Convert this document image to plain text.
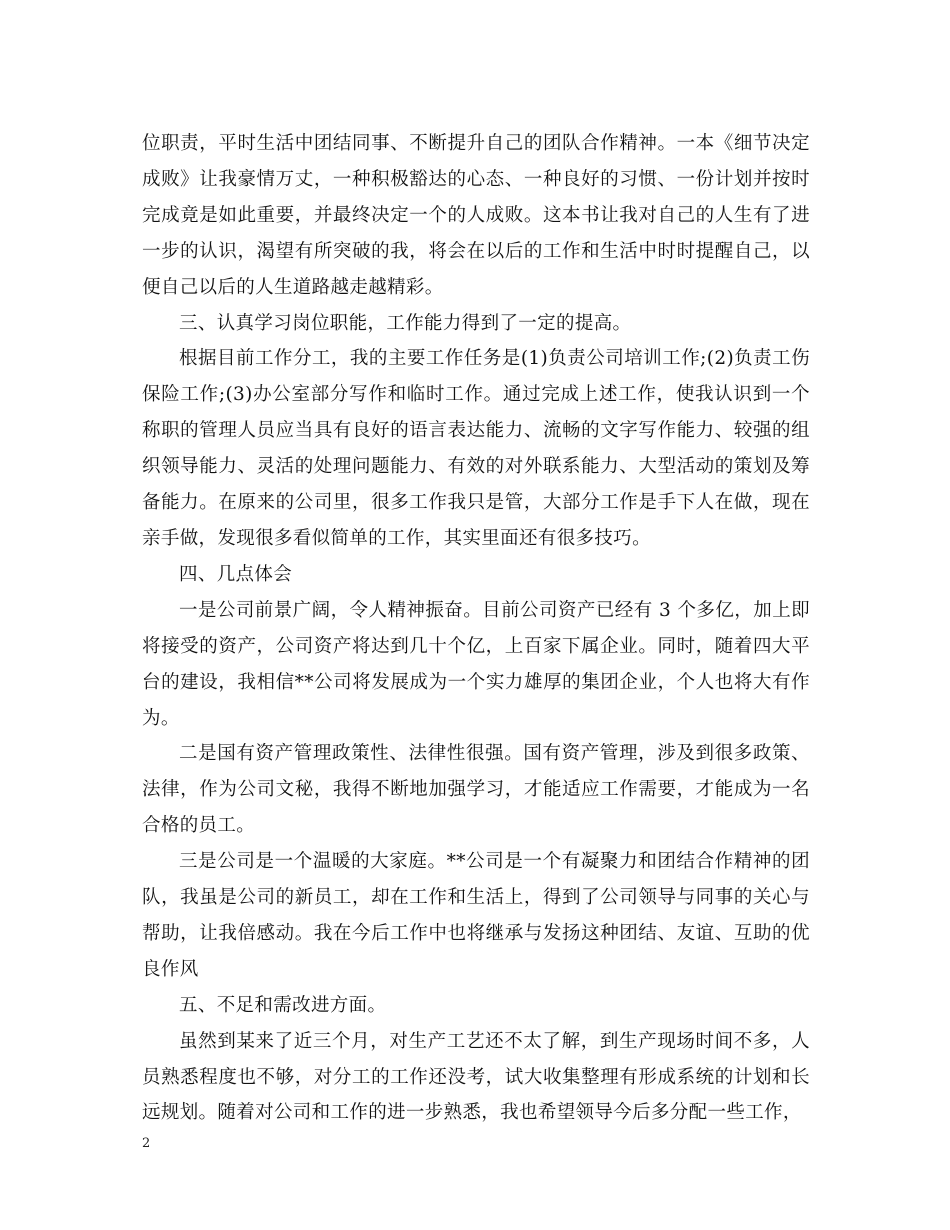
位职责，平时生活中团结同事、不断提升自己的团队合作精神。一本《细节决定成败》让我豪情万丈，一种积极豁达的心态、一种良好的习惯、一份计划并按时完成竟是如此重要，并最终决定一个的人成败。这本书让我对自己的人生有了进一步的认识，渴望有所突破的我，将会在以后的工作和生活中时时提醒自己，以便自己以后的人生道路越走越精彩。

三、认真学习岗位职能，工作能力得到了一定的提高。

根据目前工作分工，我的主要工作任务是(1)负责公司培训工作;(2)负责工伤保险工作;(3)办公室部分写作和临时工作。通过完成上述工作，使我认识到一个称职的管理人员应当具有良好的语言表达能力、流畅的文字写作能力、较强的组织领导能力、灵活的处理问题能力、有效的对外联系能力、大型活动的策划及筹备能力。在原来的公司里，很多工作我只是管，大部分工作是手下人在做，现在亲手做，发现很多看似简单的工作，其实里面还有很多技巧。

四、几点体会

一是公司前景广阔，令人精神振奋。目前公司资产已经有 3 个多亿，加上即将接受的资产，公司资产将达到几十个亿，上百家下属企业。同时，随着四大平台的建设，我相信**公司将发展成为一个实力雄厚的集团企业，个人也将大有作为。

二是国有资产管理政策性、法律性很强。国有资产管理，涉及到很多政策、法律，作为公司文秘，我得不断地加强学习，才能适应工作需要，才能成为一名合格的员工。

三是公司是一个温暖的大家庭。**公司是一个有凝聚力和团结合作精神的团队，我虽是公司的新员工，却在工作和生活上，得到了公司领导与同事的关心与帮助，让我倍感动。我在今后工作中也将继承与发扬这种团结、友谊、互助的优良作风

五、不足和需改进方面。

虽然到某来了近三个月，对生产工艺还不太了解，到生产现场时间不多，人员熟悉程度也不够，对分工的工作还没考，试大收集整理有形成系统的计划和长远规划。随着对公司和工作的进一步熟悉，我也希望领导今后多分配一些工作，

2
